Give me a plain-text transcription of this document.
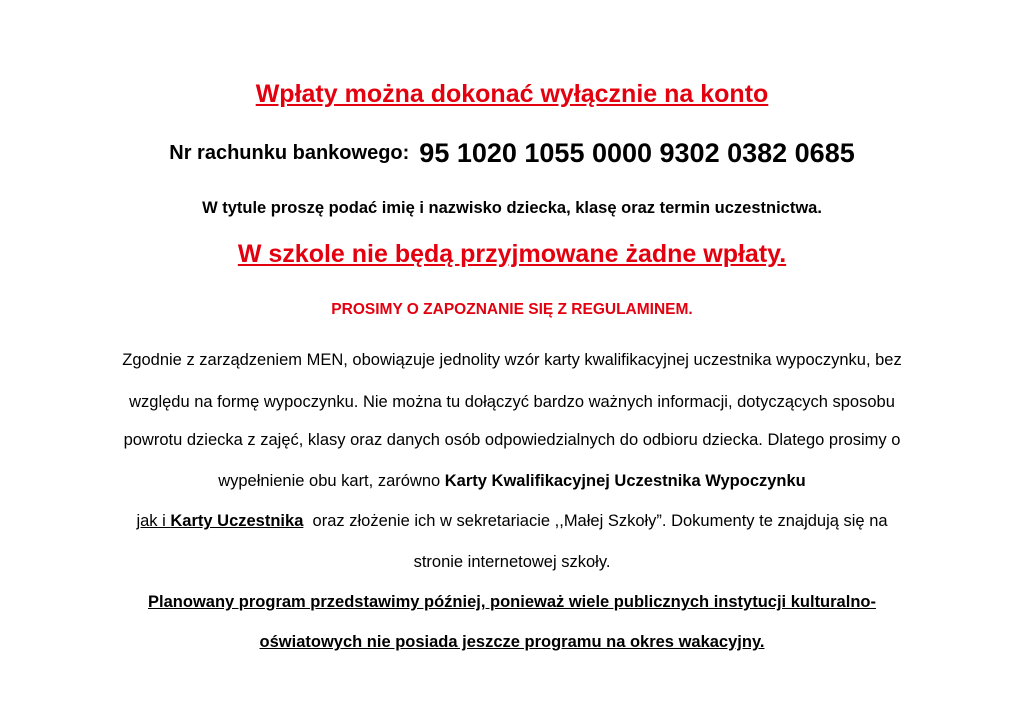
Wpłaty można dokonać wyłącznie na konto
Nr rachunku bankowego: 95 1020 1055 0000 9302 0382 0685
W tytule proszę podać imię i nazwisko dziecka, klasę oraz termin uczestnictwa.
W szkole nie będą przyjmowane żadne wpłaty.
PROSIMY O ZAPOZNANIE SIĘ Z REGULAMINEM.
Zgodnie z zarządzeniem MEN, obowiązuje jednolity wzór karty kwalifikacyjnej uczestnika wypoczynku, bez
względu na formę wypoczynku. Nie można tu dołączyć bardzo ważnych informacji, dotyczących sposobu
powrotu dziecka z zajęć, klasy oraz danych osób odpowiedzialnych do odbioru dziecka. Dlatego prosimy o
wypełnienie obu kart, zarówno Karty Kwalifikacyjnej Uczestnika Wypoczynku
jak i Karty Uczestnika  oraz złożenie ich w sekretariacie ,,Małej Szkoły”. Dokumenty te znajdują się na
stronie internetowej szkoły.
Planowany program przedstawimy później, ponieważ wiele publicznych instytucji kulturalno-
oświatowych nie posiada jeszcze programu na okres wakacyjny.
